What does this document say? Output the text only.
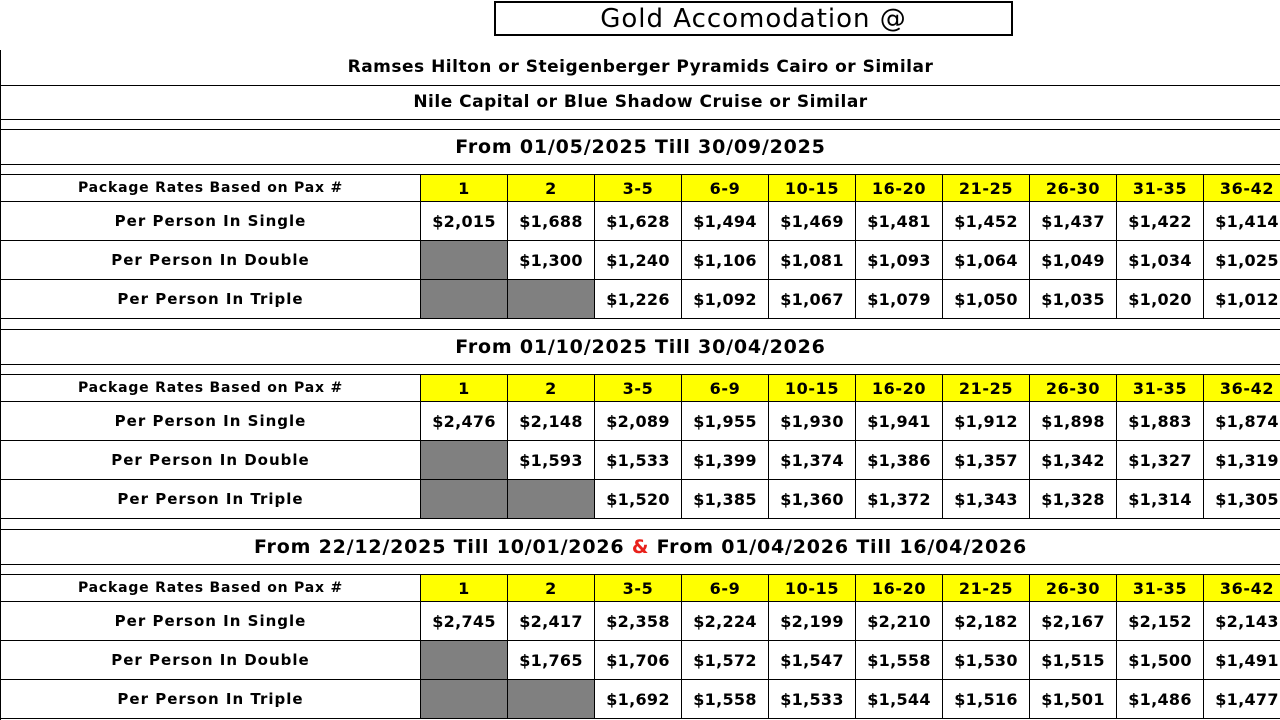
Gold Accomodation @
Ramses Hilton or Steigenberger Pyramids Cairo or Similar
Nile Capital or Blue Shadow Cruise or Similar
From 01/05/2025 Till 30/09/2025
Package Rates Based on Pax #	1	2	3-5	6-9	10-15	16-20	21-25	26-30	31-35	36-42
Per Person In Single	$2,015	$1,688	$1,628	$1,494	$1,469	$1,481	$1,452	$1,437	$1,422	$1,414
Per Person In Double		$1,300	$1,240	$1,106	$1,081	$1,093	$1,064	$1,049	$1,034	$1,025
Per Person In Triple			$1,226	$1,092	$1,067	$1,079	$1,050	$1,035	$1,020	$1,012
From 01/10/2025 Till 30/04/2026
Package Rates Based on Pax #	1	2	3-5	6-9	10-15	16-20	21-25	26-30	31-35	36-42
Per Person In Single	$2,476	$2,148	$2,089	$1,955	$1,930	$1,941	$1,912	$1,898	$1,883	$1,874
Per Person In Double		$1,593	$1,533	$1,399	$1,374	$1,386	$1,357	$1,342	$1,327	$1,319
Per Person In Triple			$1,520	$1,385	$1,360	$1,372	$1,343	$1,328	$1,314	$1,305
From 22/12/2025 Till 10/01/2026 & From 01/04/2026 Till 16/04/2026
Package Rates Based on Pax #	1	2	3-5	6-9	10-15	16-20	21-25	26-30	31-35	36-42
Per Person In Single	$2,745	$2,417	$2,358	$2,224	$2,199	$2,210	$2,182	$2,167	$2,152	$2,143
Per Person In Double		$1,765	$1,706	$1,572	$1,547	$1,558	$1,530	$1,515	$1,500	$1,491
Per Person In Triple			$1,692	$1,558	$1,533	$1,544	$1,516	$1,501	$1,486	$1,477
